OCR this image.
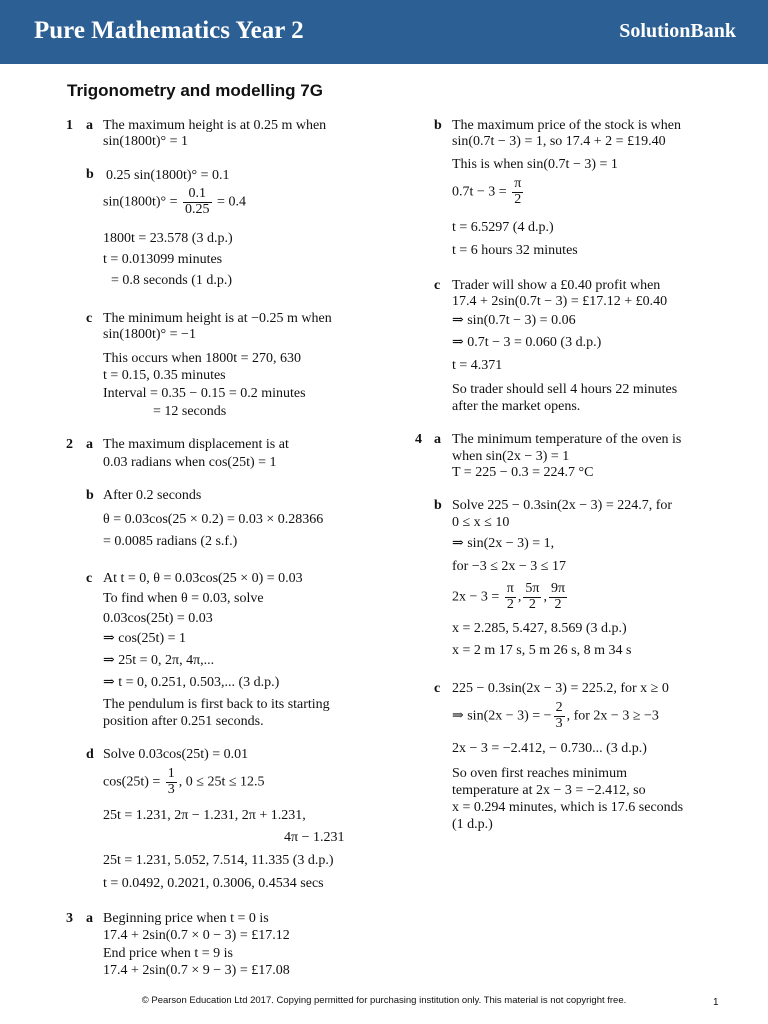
Pure Mathematics Year 2	SolutionBank
Trigonometry and modelling 7G
1 a The maximum height is at 0.25 m when
sin(1800t)° = 1
b 0.25 sin(1800t)° = 0.1
$\sin(1800t)^\circ = \frac{0.1}{0.25} = 0.4$
1800t = 23.578 (3 d.p.)
t = 0.013099 minutes
= 0.8 seconds (1 d.p.)
c The minimum height is at −0.25 m when
sin(1800t)° = −1
This occurs when 1800t = 270, 630
t = 0.15, 0.35 minutes
Interval = 0.35 − 0.15 = 0.2 minutes
= 12 seconds
2 a The maximum displacement is at
0.03 radians when cos(25t) = 1
b After 0.2 seconds
θ = 0.03cos(25 × 0.2) = 0.03 × 0.28366
= 0.0085 radians (2 s.f.)
c At t = 0, θ = 0.03cos(25 × 0) = 0.03
To find when θ = 0.03, solve
0.03cos(25t) = 0.03
⇒ cos(25t) = 1
⇒ 25t = 0, 2π, 4π,...
⇒ t = 0, 0.251, 0.503,... (3 d.p.)
The pendulum is first back to its starting
position after 0.251 seconds.
d Solve 0.03cos(25t) = 0.01
$\cos(25t) = \frac{1}{3}$ , 0 ≤ 25t ≤ 12.5
25t = 1.231, 2π − 1.231, 2π + 1.231,
4π − 1.231
25t = 1.231, 5.052, 7.514, 11.335 (3 d.p.)
t = 0.0492, 0.2021, 0.3006, 0.4534 secs
3 a Beginning price when t = 0 is
17.4 + 2sin(0.7 × 0 − 3) = £17.12
End price when t = 9 is
17.4 + 2sin(0.7 × 9 − 3) = £17.08
b The maximum price of the stock is when
sin(0.7t − 3) = 1, so 17.4 + 2 = £19.40
This is when sin(0.7t − 3) = 1
$0.7t - 3 = \frac{\pi}{2}$
t = 6.5297 (4 d.p.)
t = 6 hours 32 minutes
c Trader will show a £0.40 profit when
17.4 + 2sin(0.7t − 3) = £17.12 + £0.40
⇒ sin(0.7t − 3) = 0.06
⇒ 0.7t − 3 = 0.060 (3 d.p.)
t = 4.371
So trader should sell 4 hours 22 minutes
after the market opens.
4 a The minimum temperature of the oven is
when sin(2x − 3) = 1
T = 225 − 0.3 = 224.7 °C
b Solve 225 − 0.3sin(2x − 3) = 224.7, for
0 ≤ x ≤ 10
⇒ sin(2x − 3) = 1,
for −3 ≤ 2x − 3 ≤ 17
$2x - 3 = \frac{\pi}{2}$ , $\frac{5\pi}{2}$ , $\frac{9\pi}{2}$
x = 2.285, 5.427, 8.569 (3 d.p.)
x = 2 m 17 s, 5 m 26 s, 8 m 34 s
c 225 − 0.3sin(2x − 3) = 225.2, for x ≥ 0
⇒ sin(2x − 3) = − $\frac{2}{3}$ , for 2x − 3 ≥ −3
2x − 3 = −2.412, − 0.730... (3 d.p.)
So oven first reaches minimum
temperature at 2x − 3 = −2.412, so
x = 0.294 minutes, which is 17.6 seconds
(1 d.p.)
© Pearson Education Ltd 2017. Copying permitted for purchasing institution only. This material is not copyright free.	1
